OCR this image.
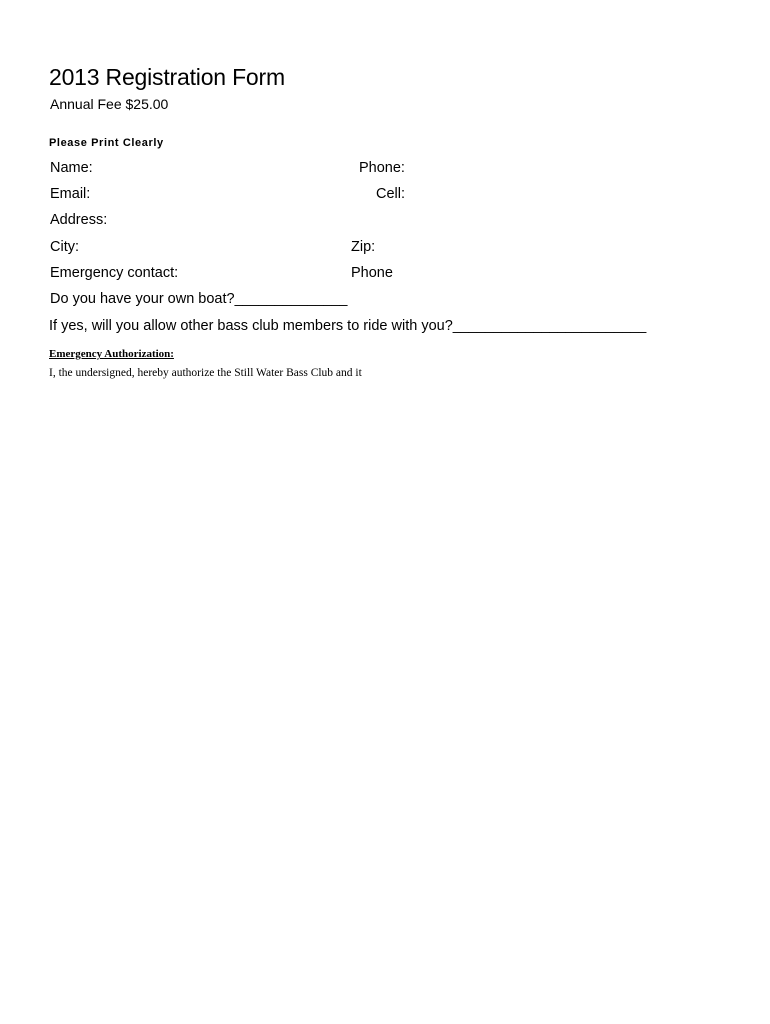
2013 Registration Form
Annual Fee $25.00
Please Print Clearly
Name:	Phone:
Email:	Cell:
Address:
City:	Zip:
Emergency contact:	Phone
Do you have your own boat?______________
If yes, will you allow other bass club members to ride with you?________________________
Emergency Authorization:
I, the undersigned, hereby authorize the Still Water Bass Club and it
